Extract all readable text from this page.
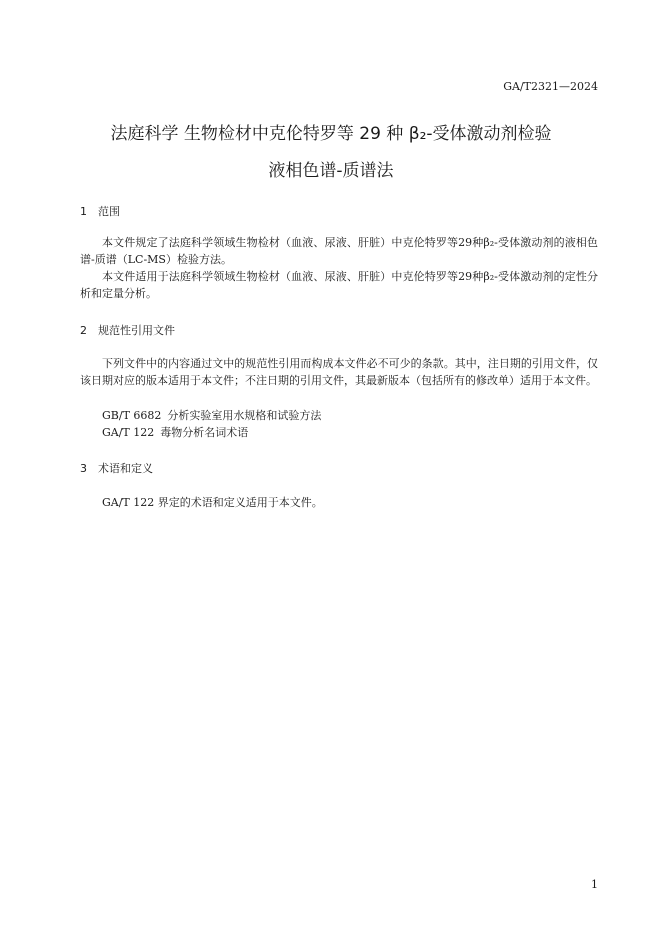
GA/T2321—2024
法庭科学 生物检材中克伦特罗等 29 种 β₂-受体激动剂检验
液相色谱-质谱法
1 范围
本文件规定了法庭科学领域生物检材（血液、尿液、肝脏）中克伦特罗等29种β₂-受体激动剂的液相色谱-质谱（LC-MS）检验方法。
本文件适用于法庭科学领域生物检材（血液、尿液、肝脏）中克伦特罗等29种β₂-受体激动剂的定性分析和定量分析。
2 规范性引用文件
下列文件中的内容通过文中的规范性引用而构成本文件必不可少的条款。其中，注日期的引用文件，仅该日期对应的版本适用于本文件；不注日期的引用文件，其最新版本（包括所有的修改单）适用于本文件。
GB/T 6682 分析实验室用水规格和试验方法
GA/T 122 毒物分析名词术语
3 术语和定义
GA/T 122 界定的术语和定义适用于本文件。
1
